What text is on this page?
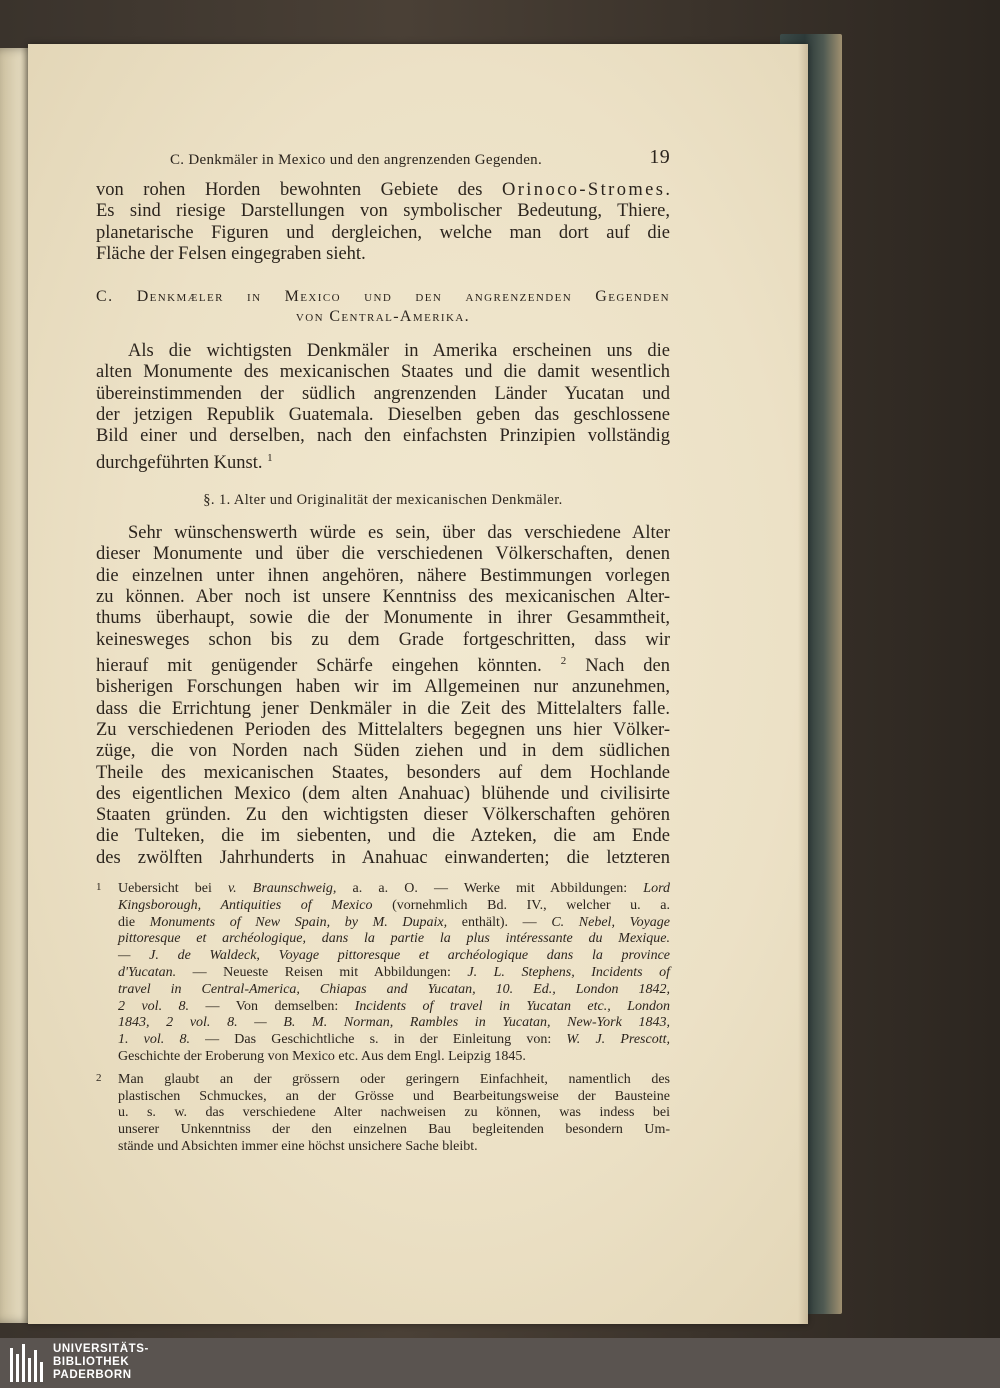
C. Denkmäler in Mexico und den angrenzenden Gegenden.	19

von rohen Horden bewohnten Gebiete des Orinoco-Stromes.
Es sind riesige Darstellungen von symbolischer Bedeutung, Thiere,
planetarische Figuren und dergleichen, welche man dort auf die
Fläche der Felsen eingegraben sieht.

C. Denkmæler in Mexico und den angrenzenden Gegenden
von Central-Amerika.

Als die wichtigsten Denkmäler in Amerika erscheinen uns die
alten Monumente des mexicanischen Staates und die damit wesentlich
übereinstimmenden der südlich angrenzenden Länder Yucatan und
der jetzigen Republik Guatemala. Dieselben geben das geschlossene
Bild einer und derselben, nach den einfachsten Prinzipien vollständig
durchgeführten Kunst. $^1$

§. 1. Alter und Originalität der mexicanischen Denkmäler.

Sehr wünschenswerth würde es sein, über das verschiedene Alter
dieser Monumente und über die verschiedenen Völkerschaften, denen
die einzelnen unter ihnen angehören, nähere Bestimmungen vorlegen
zu können. Aber noch ist unsere Kenntniss des mexicanischen Alter-
thums überhaupt, sowie die der Monumente in ihrer Gesammtheit,
keinesweges schon bis zu dem Grade fortgeschritten, dass wir
hierauf mit genügender Schärfe eingehen könnten. $^2$ Nach den
bisherigen Forschungen haben wir im Allgemeinen nur anzunehmen,
dass die Errichtung jener Denkmäler in die Zeit des Mittelalters falle.
Zu verschiedenen Perioden des Mittelalters begegnen uns hier Völker-
züge, die von Norden nach Süden ziehen und in dem südlichen
Theile des mexicanischen Staates, besonders auf dem Hochlande
des eigentlichen Mexico (dem alten Anahuac) blühende und civilisirte
Staaten gründen. Zu den wichtigsten dieser Völkerschaften gehören
die Tulteken, die im siebenten, und die Azteken, die am Ende
des zwölften Jahrhunderts in Anahuac einwanderten; die letzteren

1 Uebersicht bei v. Braunschweig, a. a. O. — Werke mit Abbildungen: Lord
Kingsborough, Antiquities of Mexico (vornehmlich Bd. IV., welcher u. a.
die Monuments of New Spain, by M. Dupaix, enthält). — C. Nebel, Voyage
pittoresque et archéologique, dans la partie la plus intéressante du Mexique.
— J. de Waldeck, Voyage pittoresque et archéologique dans la province
d'Yucatan. — Neueste Reisen mit Abbildungen: J. L. Stephens, Incidents of
travel in Central-America, Chiapas and Yucatan, 10. Ed., London 1842,
2 vol. 8. — Von demselben: Incidents of travel in Yucatan etc., London
1843, 2 vol. 8. — B. M. Norman, Rambles in Yucatan, New-York 1843,
1. vol. 8. — Das Geschichtliche s. in der Einleitung von: W. J. Prescott,
Geschichte der Eroberung von Mexico etc. Aus dem Engl. Leipzig 1845.

2 Man glaubt an der grössern oder geringern Einfachheit, namentlich des
plastischen Schmuckes, an der Grösse und Bearbeitungsweise der Bausteine
u. s. w. das verschiedene Alter nachweisen zu können, was indess bei
unserer Unkenntniss der den einzelnen Bau begleitenden besondern Um-
stände und Absichten immer eine höchst unsichere Sache bleibt.

UNIVERSITÄTS-
BIBLIOTHEK
PADERBORN
